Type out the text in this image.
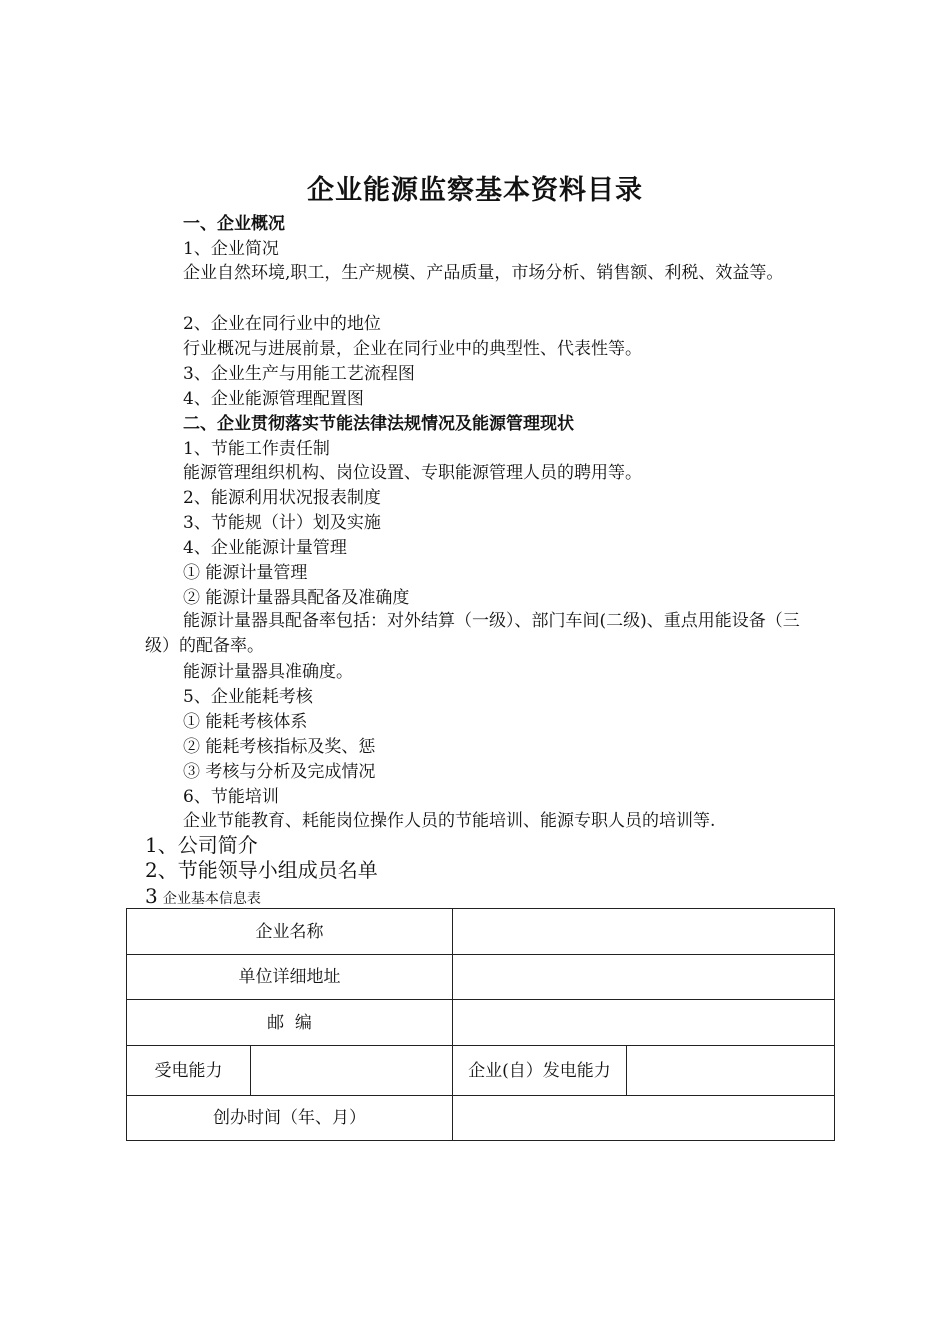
企业能源监察基本资料目录
一、企业概况
1、企业简况
企业自然环境,职工，生产规模、产品质量，市场分析、销售额、利税、效益等。
2、企业在同行业中的地位
行业概况与进展前景，企业在同行业中的典型性、代表性等。
3、企业生产与用能工艺流程图
4、企业能源管理配置图
二、企业贯彻落实节能法律法规情况及能源管理现状
1、节能工作责任制
能源管理组织机构、岗位设置、专职能源管理人员的聘用等。
2、能源利用状况报表制度
3、节能规（计）划及实施
4、企业能源计量管理
① 能源计量管理
② 能源计量器具配备及准确度
能源计量器具配备率包括：对外结算（一级）、部门车间(二级)、重点用能设备（三级）的配备率。
能源计量器具准确度。
5、企业能耗考核
① 能耗考核体系
② 能耗考核指标及奖、惩
③ 考核与分析及完成情况
6、节能培训
企业节能教育、耗能岗位操作人员的节能培训、能源专职人员的培训等.
1、公司简介
2、节能领导小组成员名单
3 企业基本信息表
企业名称			
单位详细地址			
邮  编			
受电能力		企业(自）发电能力	
创办时间（年、月）			
